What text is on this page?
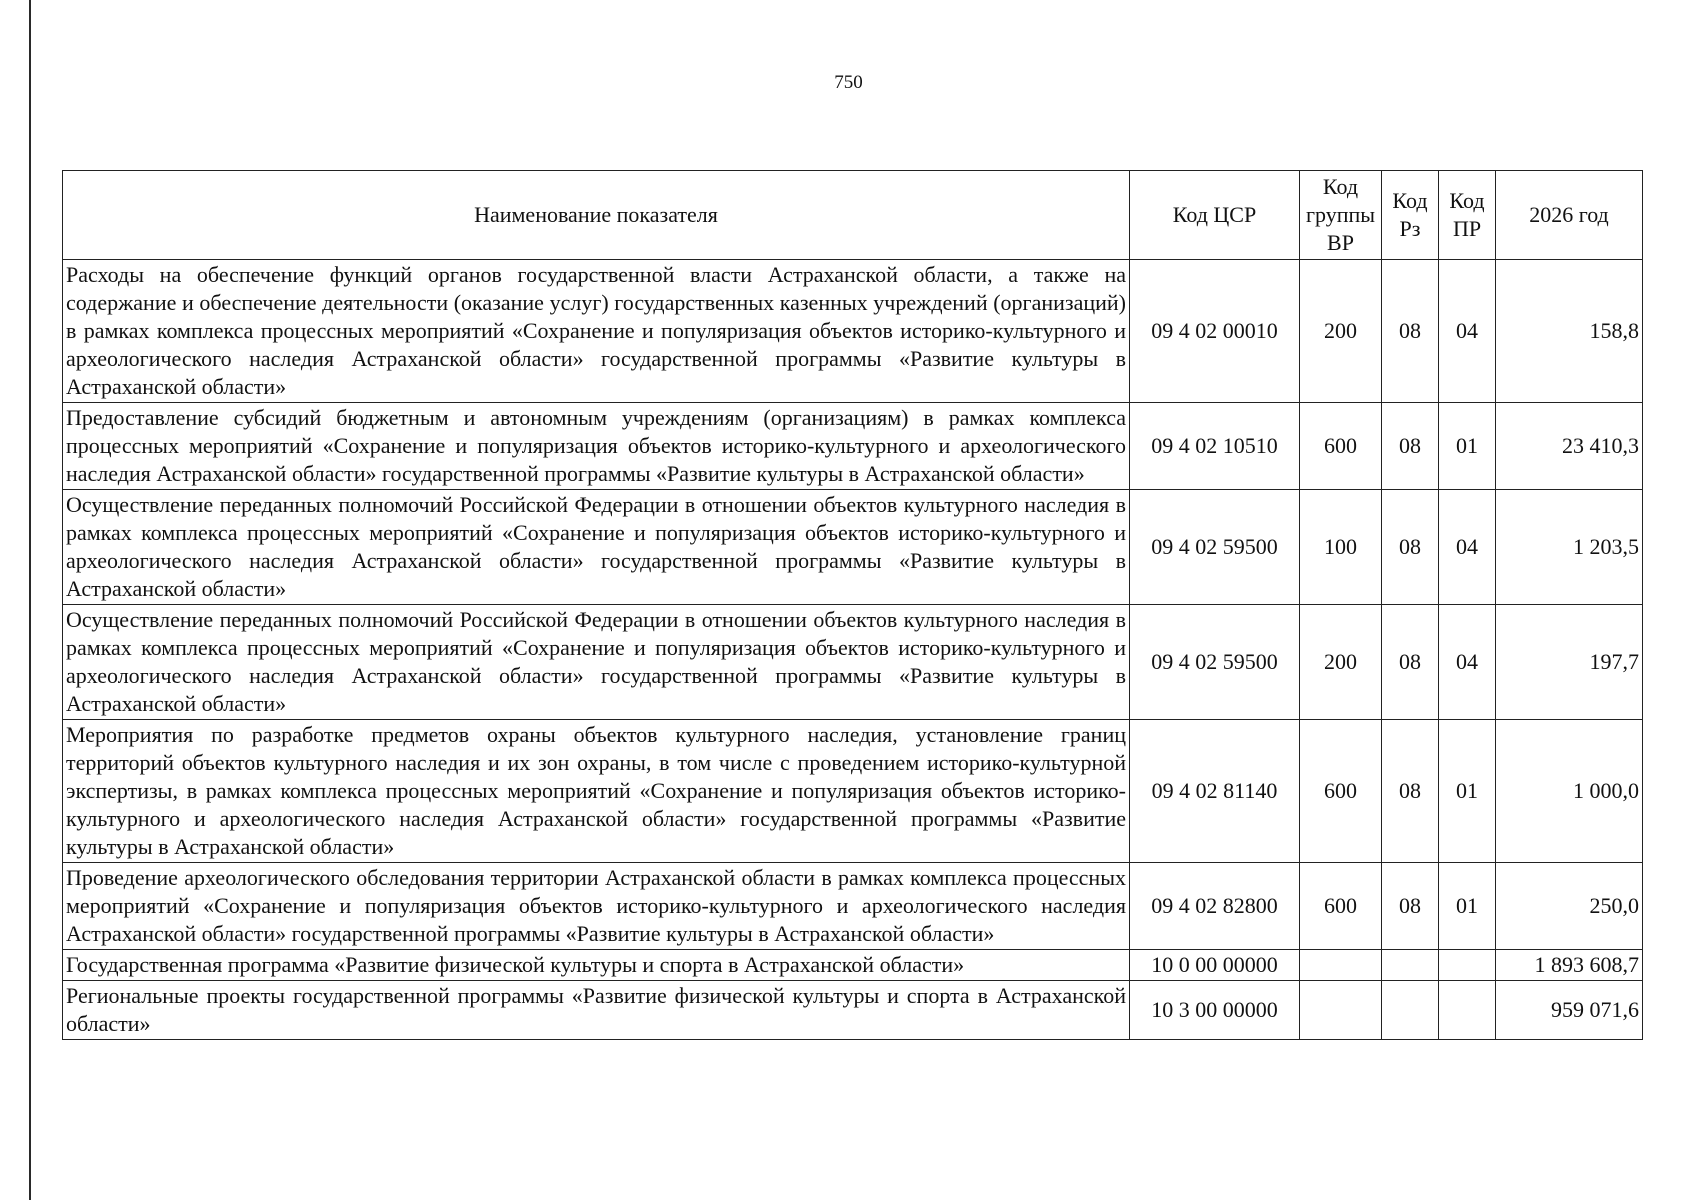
750
Наименование показателя	Код ЦСР	Код группы ВР	Код Рз	Код ПР	2026 год
Расходы на обеспечение функций органов государственной власти Астраханской области, а также на содержание и обеспечение деятельности (оказание услуг) государственных казенных учреждений (организаций) в рамках комплекса процессных мероприятий «Сохранение и популяризация объектов историко-культурного и археологического наследия Астраханской области» государственной программы «Развитие культуры в Астраханской области»	09 4 02 00010	200	08	04	158,8
Предоставление субсидий бюджетным и автономным учреждениям (организациям) в рамках комплекса процессных мероприятий «Сохранение и популяризация объектов историко-культурного и археологического наследия Астраханской области» государственной программы «Развитие культуры в Астраханской области»	09 4 02 10510	600	08	01	23 410,3
Осуществление переданных полномочий Российской Федерации в отношении объектов культурного наследия в рамках комплекса процессных мероприятий «Сохранение и популяризация объектов историко-культурного и археологического наследия Астраханской области» государственной программы «Развитие культуры в Астраханской области»	09 4 02 59500	100	08	04	1 203,5
Осуществление переданных полномочий Российской Федерации в отношении объектов культурного наследия в рамках комплекса процессных мероприятий «Сохранение и популяризация объектов историко-культурного и археологического наследия Астраханской области» государственной программы «Развитие культуры в Астраханской области»	09 4 02 59500	200	08	04	197,7
Мероприятия по разработке предметов охраны объектов культурного наследия, установление границ территорий объектов культурного наследия и их зон охраны, в том числе с проведением историко-культурной экспертизы, в рамках комплекса процессных мероприятий «Сохранение и популяризация объектов историко-культурного и археологического наследия Астраханской области» государственной программы «Развитие культуры в Астраханской области»	09 4 02 81140	600	08	01	1 000,0
Проведение археологического обследования территории Астраханской области в рамках комплекса процессных мероприятий «Сохранение и популяризация объектов историко-культурного и археологического наследия Астраханской области» государственной программы «Развитие культуры в Астраханской области»	09 4 02 82800	600	08	01	250,0
Государственная программа «Развитие физической культуры и спорта в Астраханской области»	10 0 00 00000				1 893 608,7
Региональные проекты государственной программы «Развитие физической культуры и спорта в Астраханской области»	10 3 00 00000				959 071,6
